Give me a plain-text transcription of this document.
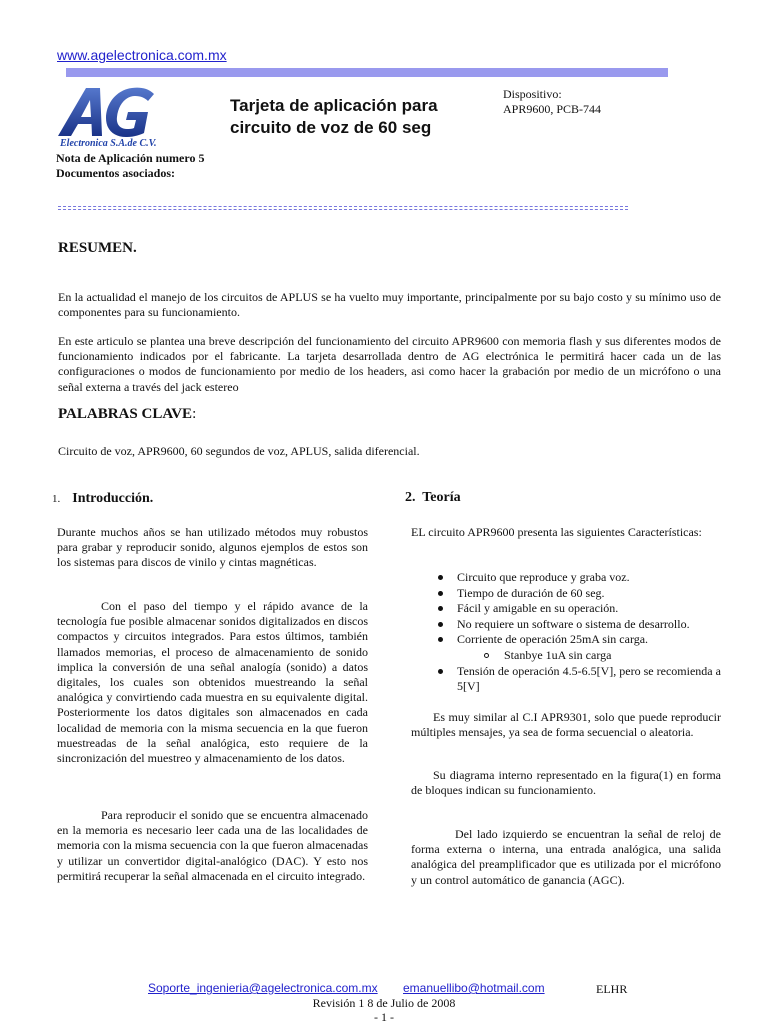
www.agelectronica.com.mx
Electronica S.A.de C.V.
Tarjeta de aplicación para
circuito de voz de 60 seg
Dispositivo:
APR9600, PCB-744
Nota de Aplicación numero 5
Documentos asociados:
RESUMEN.

En la actualidad el manejo de los circuitos de APLUS se ha vuelto muy importante, principalmente por su bajo costo y su mínimo uso de componentes para su funcionamiento.

En este articulo se plantea una breve descripción del funcionamiento del circuito APR9600 con memoria flash y sus diferentes modos de funcionamiento indicados por el fabricante. La tarjeta desarrollada dentro de AG electrónica le permitirá hacer cada un de las configuraciones o modos de funcionamiento por medio de los headers, asi como hacer la grabación por medio de un micrófono o una señal externa a través del jack estereo

PALABRAS CLAVE:
Circuito de voz, APR9600, 60 segundos de voz, APLUS, salida diferencial.
1. Introducción.

Durante muchos años se han utilizado métodos muy robustos para grabar y reproducir sonido, algunos ejemplos de estos son los sistemas para discos de vinilo y cintas magnéticas.

Con el paso del tiempo y el rápido avance de la tecnología fue posible almacenar sonidos digitalizados en discos compactos y circuitos integrados. Para estos últimos, también llamados memorias, el proceso de almacenamiento de sonido implica la conversión de una señal analogía (sonido) a datos digitales, los cuales son obtenidos muestreando la señal analógica y convirtiendo cada muestra en su equivalente digital. Posteriormente los datos digitales son almacenados en cada localidad de memoria con la misma secuencia en la que fueron muestreadas de la señal analógica, esto requiere de la sincronización del muestreo y almacenamiento de los datos.

Para reproducir el sonido que se encuentra almacenado en la memoria es necesario leer cada una de las localidades de memoria con la misma secuencia con la que fueron almacenadas y utilizar un convertidor digital-analógico (DAC). Y esto nos permitirá recuperar la señal almacenada en el circuito integrado.

2.  Teoría

EL circuito APR9600 presenta las siguientes Características:

Circuito que reproduce y graba voz.
Tiempo de duración de 60 seg.
Fácil y amigable en su operación.
No requiere un software o sistema de desarrollo.
Corriente de operación 25mA sin carga.
Stanbye 1uA sin carga

Tensión de operación 4.5-6.5[V], pero se recomienda a 5[V]

Es muy similar al C.I APR9301, solo que puede reproducir múltiples mensajes, ya sea de forma secuencial o aleatoria.

Su diagrama interno representado en la figura(1) en forma de bloques indican su funcionamiento.

Del lado izquierdo se encuentran la señal de reloj de forma externa o interna, una entrada analógica, una salida analógica del preamplificador que es utilizada por el micrófono y un control automático de ganancia (AGC).

Soporte_ingenieria@agelectronica.com.mx emanuellibo@hotmail.com	ELHR
Revisión 1 8 de Julio de 2008
- 1 -
